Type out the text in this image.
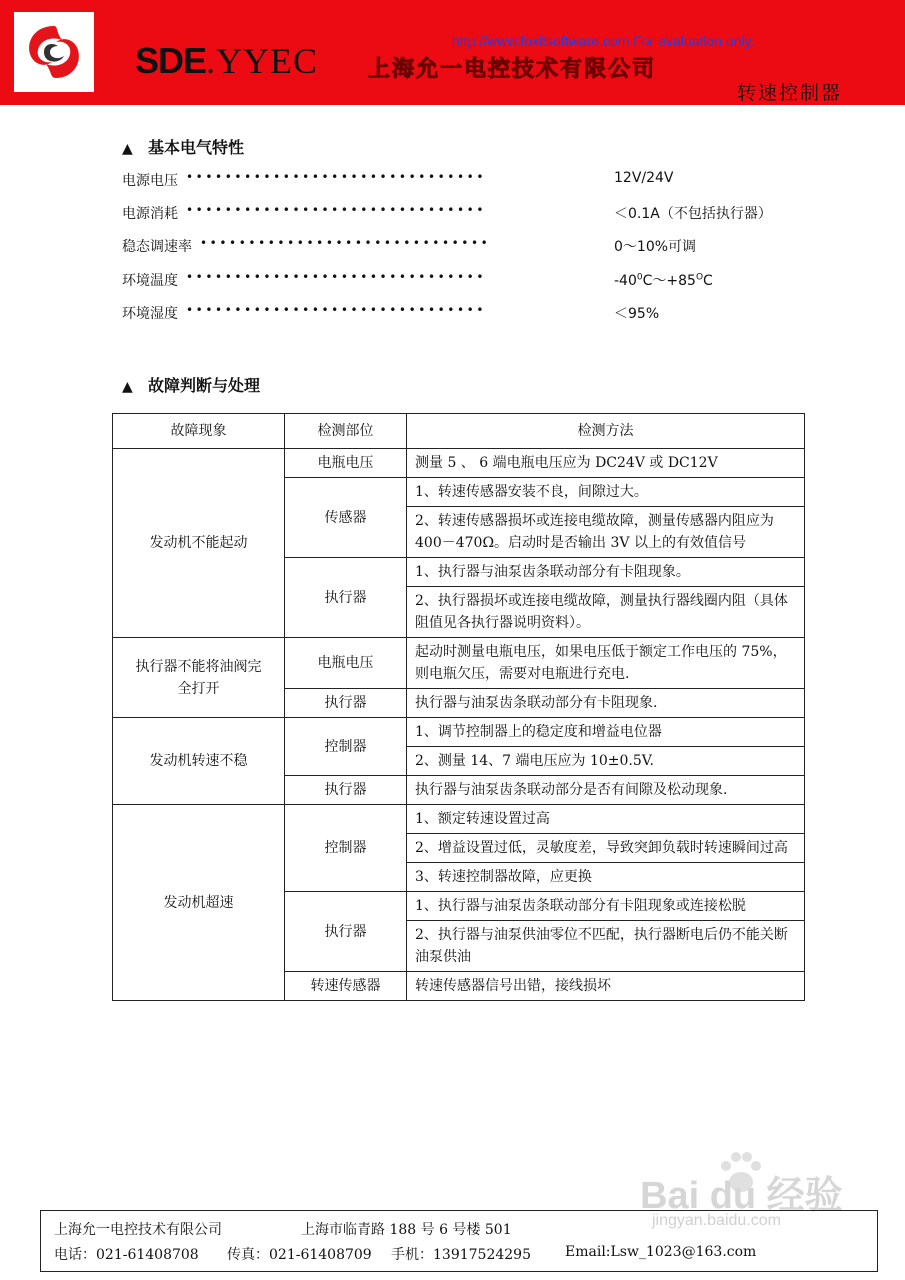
SDE.YYEC 上海允一电控技术有限公司
http://www.foxitsoftware.com For evaluation only.
转速控制器
▲ 基本电气特性
电源电压 •••••••••••••••••••••••••••••••	12V/24V
电源消耗 •••••••••••••••••••••••••••••••	＜0.1A（不包括执行器）
稳态调速率 ••••••••••••••••••••••••••••••	0～10%可调
环境温度 •••••••••••••••••••••••••••••••	$-40^0C\sim+85^OC$
环境湿度 •••••••••••••••••••••••••••••••	＜95%
▲ 故障判断与处理
故障现象	检测部位	检测方法
发动机不能起动	电瓶电压	测量 5 、 6 端电瓶电压应为 DC24V 或 DC12V
	传感器	1、转速传感器安装不良，间隙过大。
		2、转速传感器损坏或连接电缆故障，测量传感器内阻应为 400－470Ω。启动时是否输出 3V 以上的有效值信号
	执行器	1、执行器与油泵齿条联动部分有卡阻现象。
		2、执行器损坏或连接电缆故障，测量执行器线圈内阻（具体阻值见各执行器说明资料）。
执行器不能将油阀完全打开	电瓶电压	起动时测量电瓶电压，如果电压低于额定工作电压的 75%，则电瓶欠压，需要对电瓶进行充电.
	执行器	执行器与油泵齿条联动部分有卡阻现象.
发动机转速不稳	控制器	1、调节控制器上的稳定度和增益电位器
		2、测量 14、7 端电压应为 10±0.5V.
	执行器	执行器与油泵齿条联动部分是否有间隙及松动现象.
发动机超速	控制器	1、额定转速设置过高
		2、增益设置过低，灵敏度差，导致突卸负载时转速瞬间过高
		3、转速控制器故障，应更换
	执行器	1、执行器与油泵齿条联动部分有卡阻现象或连接松脱
		2、执行器与油泵供油零位不匹配，执行器断电后仍不能关断油泵供油
	转速传感器	转速传感器信号出错，接线损坏
Bai du 经验
jingyan.baidu.com
上海允一电控技术有限公司	上海市临青路 188 号 6 号楼 501
电话：021-61408708 传真：021-61408709 手机：13917524295 Email:Lsw_1023@163.com
